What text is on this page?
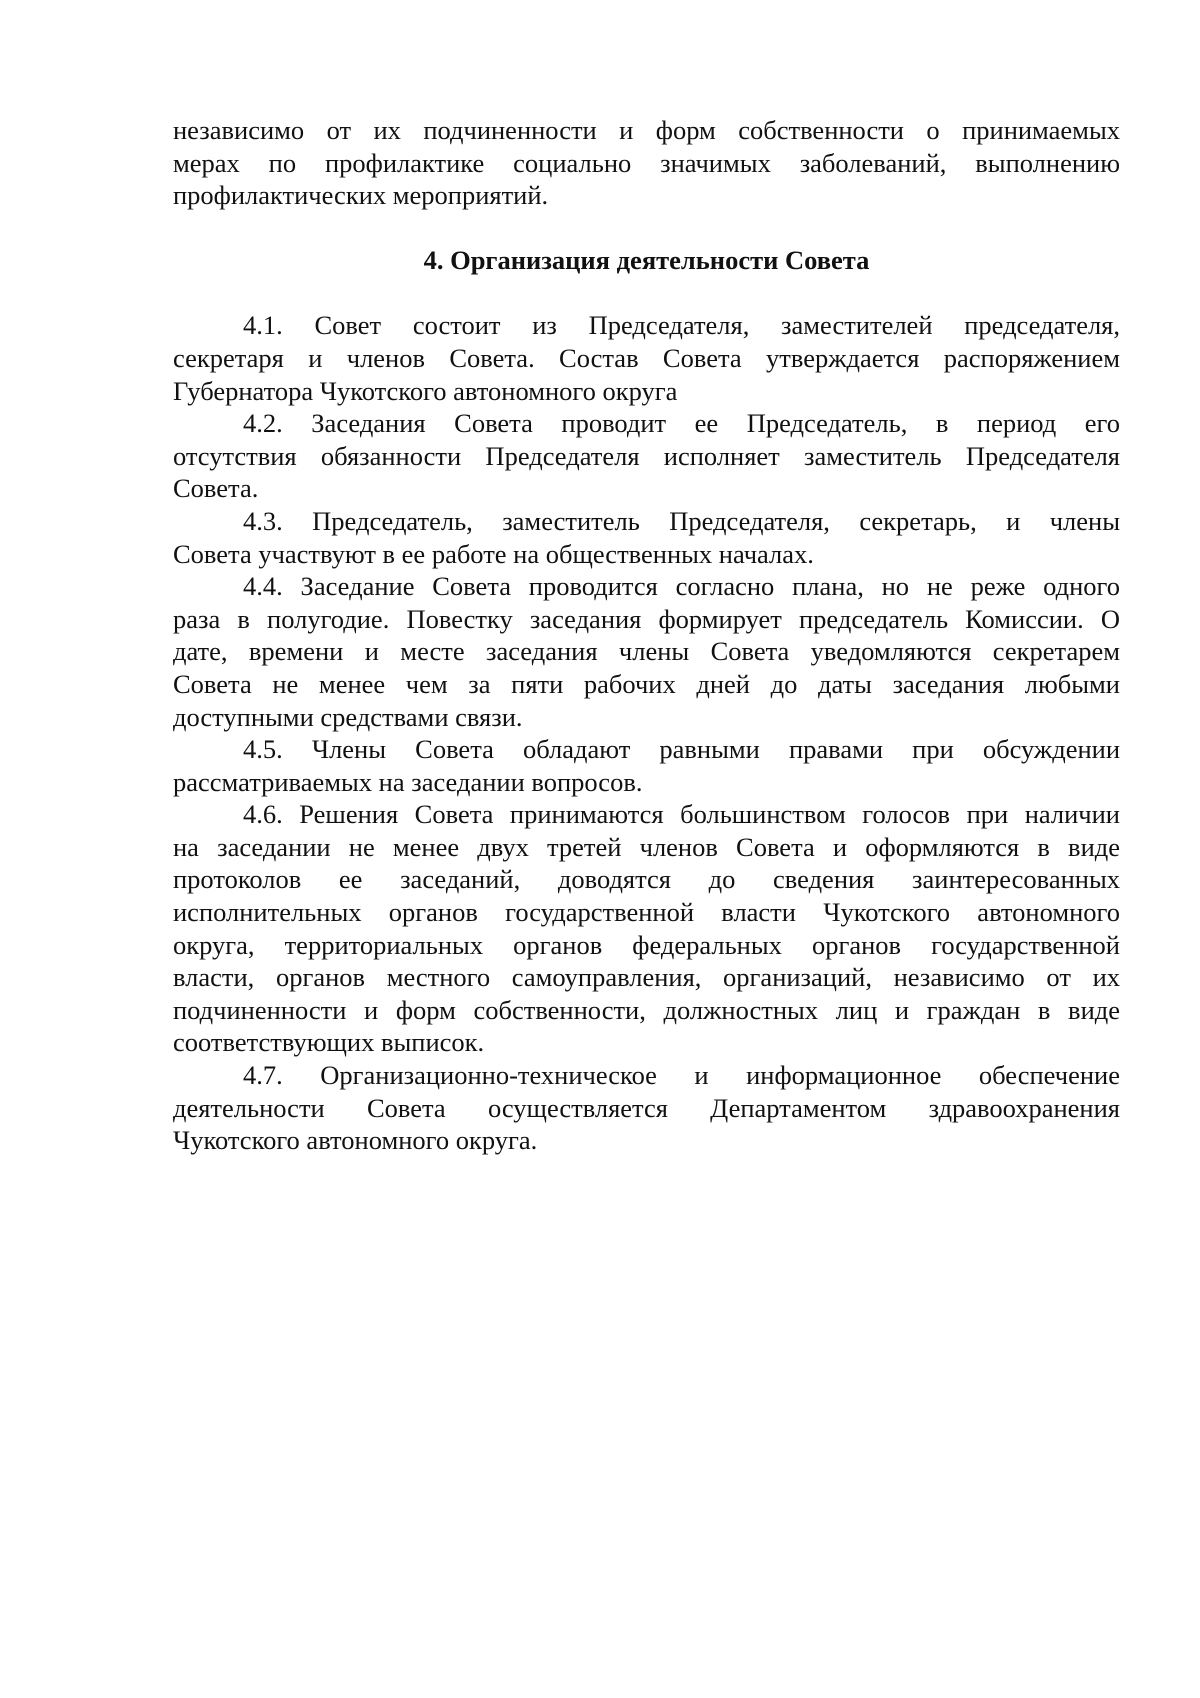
независимо от их подчиненности и форм собственности о принимаемых
мерах по профилактике социально значимых заболеваний, выполнению
профилактических мероприятий.
4. Организация деятельности Совета
4.1. Совет состоит из Председателя, заместителей председателя,
секретаря и членов Совета. Состав Совета утверждается распоряжением
Губернатора Чукотского автономного округа
4.2. Заседания Совета проводит ее Председатель, в период его
отсутствия обязанности Председателя исполняет заместитель Председателя
Совета.
4.3. Председатель, заместитель Председателя, секретарь, и члены
Совета участвуют в ее работе на общественных началах.
4.4. Заседание Совета проводится согласно плана, но не реже одного
раза в полугодие. Повестку заседания формирует председатель Комиссии. О
дате, времени и месте заседания члены Совета уведомляются секретарем
Совета не менее чем за пяти рабочих дней до даты заседания любыми
доступными средствами связи.
4.5. Члены Совета обладают равными правами при обсуждении
рассматриваемых на заседании вопросов.
4.6. Решения Совета принимаются большинством голосов при наличии
на заседании не менее двух третей членов Совета и оформляются в виде
протоколов ее заседаний, доводятся до сведения заинтересованных
исполнительных органов государственной власти Чукотского автономного
округа, территориальных органов федеральных органов государственной
власти, органов местного самоуправления, организаций, независимо от их
подчиненности и форм собственности, должностных лиц и граждан в виде
соответствующих выписок.
4.7. Организационно-техническое и информационное обеспечение
деятельности Совета осуществляется Департаментом здравоохранения
Чукотского автономного округа.
